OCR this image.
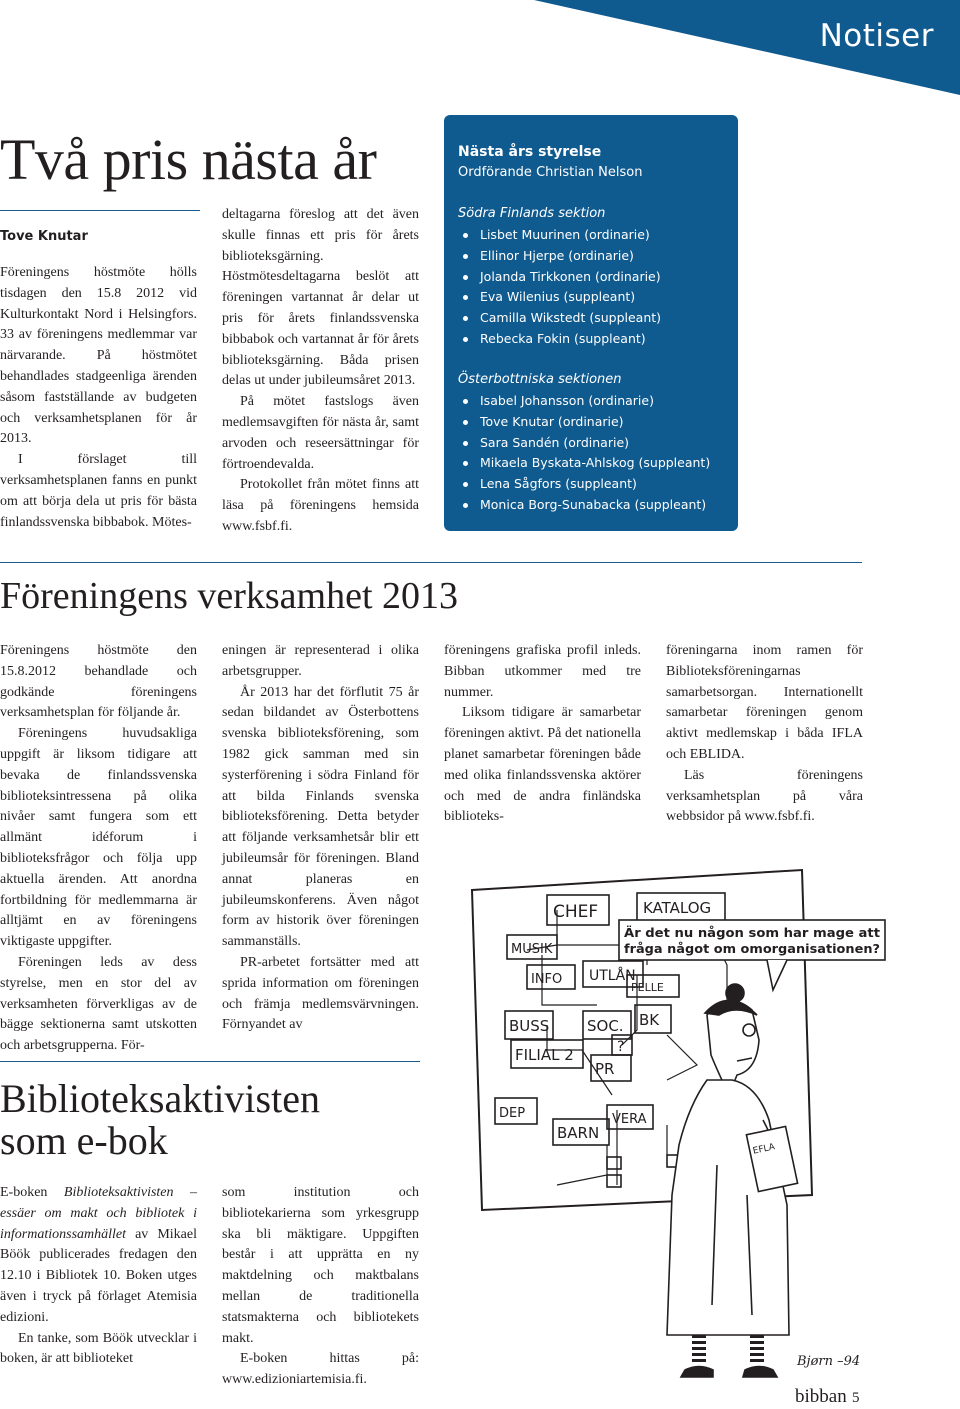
Notiser
Två pris nästa år
Tove Knutar

Föreningens höstmöte hölls tisdagen den 15.8 2012 vid Kulturkontakt Nord i Helsingfors. 33 av föreningens medlemmar var närvarande. På höstmötet behandlades stadgeenliga ärenden såsom fastställande av budgeten och verksamhetsplanen för år 2013.

I förslaget till verksamhetsplanen fanns en punkt om att börja dela ut pris för bästa finlandssvenska bibbabok. Mötes-

deltagarna föreslog att det även skulle finnas ett pris för årets biblioteksgärning. Höstmötesdeltagarna beslöt att föreningen vartannat år delar ut pris för årets finlandssvenska bibbabok och vartannat år för årets biblioteksgärning. Båda prisen delas ut under jubileumsåret 2013.

På mötet fastslogs även medlemsavgiften för nästa år, samt arvoden och reseersättningar för förtroendevalda.

Protokollet från mötet finns att läsa på föreningens hemsida www.fsbf.fi.

Nästa års styrelse
Ordförande Christian Nelson
Södra Finlands sektion
Lisbet Muurinen (ordinarie)
Ellinor Hjerpe (ordinarie)
Jolanda Tirkkonen (ordinarie)
Eva Wilenius (suppleant)
Camilla Wikstedt (suppleant)
Rebecka Fokin (suppleant)
Österbottniska sektionen
Isabel Johansson (ordinarie)
Tove Knutar (ordinarie)
Sara Sandén (ordinarie)
Mikaela Byskata-Ahlskog (suppleant)
Lena Sågfors (suppleant)
Monica Borg-Sunabacka (suppleant)
Föreningens verksamhet 2013

Föreningens höstmöte den 15.8.2012 behandlade och godkände föreningens verksamhetsplan för följande år.

Föreningens huvudsakliga uppgift är liksom tidigare att bevaka de finlandssvenska biblioteksintressena på olika nivåer samt fungera som ett allmänt idéforum i biblioteksfrågor och följa upp aktuella ärenden. Att anordna fortbildning för medlemmarna är alltjämt en av föreningens viktigaste uppgifter.

Föreningen leds av dess styrelse, men en stor del av verksamheten förverkligas av de bägge sektionerna samt utskotten och arbetsgrupperna. För-

eningen är representerad i olika arbetsgrupper.

År 2013 har det förflutit 75 år sedan bildandet av Österbottens svenska biblioteksförening, som 1982 gick samman med sin systerförening i södra Finland för att bilda Finlands svenska biblioteksförening. Detta betyder att följande verksamhetsår blir ett jubileumsår för föreningen. Bland annat planeras en jubileumskonferens. Även något form av historik över föreningen sammanställs.

PR-arbetet fortsätter med att sprida information om föreningen och främja medlemsvärvningen. Förnyandet av

föreningens grafiska profil inleds. Bibban utkommer med tre nummer.

Liksom tidigare är samarbetar föreningen aktivt. På det nationella planet samarbetar föreningen både med olika finlandssvenska aktörer och med de andra finländska biblioteks-

föreningarna inom ramen för Biblioteksföreningarnas samarbetsorgan. Internationellt samarbetar föreningen genom aktivt medlemskap i båda IFLA och EBLIDA.

Läs föreningens verksamhetsplan på våra webbsidor på www.fsbf.fi.

Biblioteksaktivisten
som e-bok

E-boken Biblioteksaktivisten – essäer om makt och bibliotek i informationssamhället av Mikael Böök publicerades fredagen den 12.10 i Bibliotek 10. Boken utges även i tryck på förlaget Atemisia edizioni.

En tanke, som Böök utvecklar i boken, är att biblioteket

som institution och bibliotekarierna som yrkesgrupp ska bli mäktigare. Uppgiften består i att upprätta en ny maktdelning och maktbalans mellan de traditionella statsmakterna och bibliotekets makt.

E-boken hittas på: www.edizioniartemisia.fi.

CHEF	KATALOG
MUSIK
INFO UTLÅN
PELLE
BUSS	SOC. BK
FILIAL 2
PR
?
DEP	VERA
BARN
Är det nu någon som har mage att
fråga något om omorganisationen?
EFLA
Bjørn –94
bibban 5
